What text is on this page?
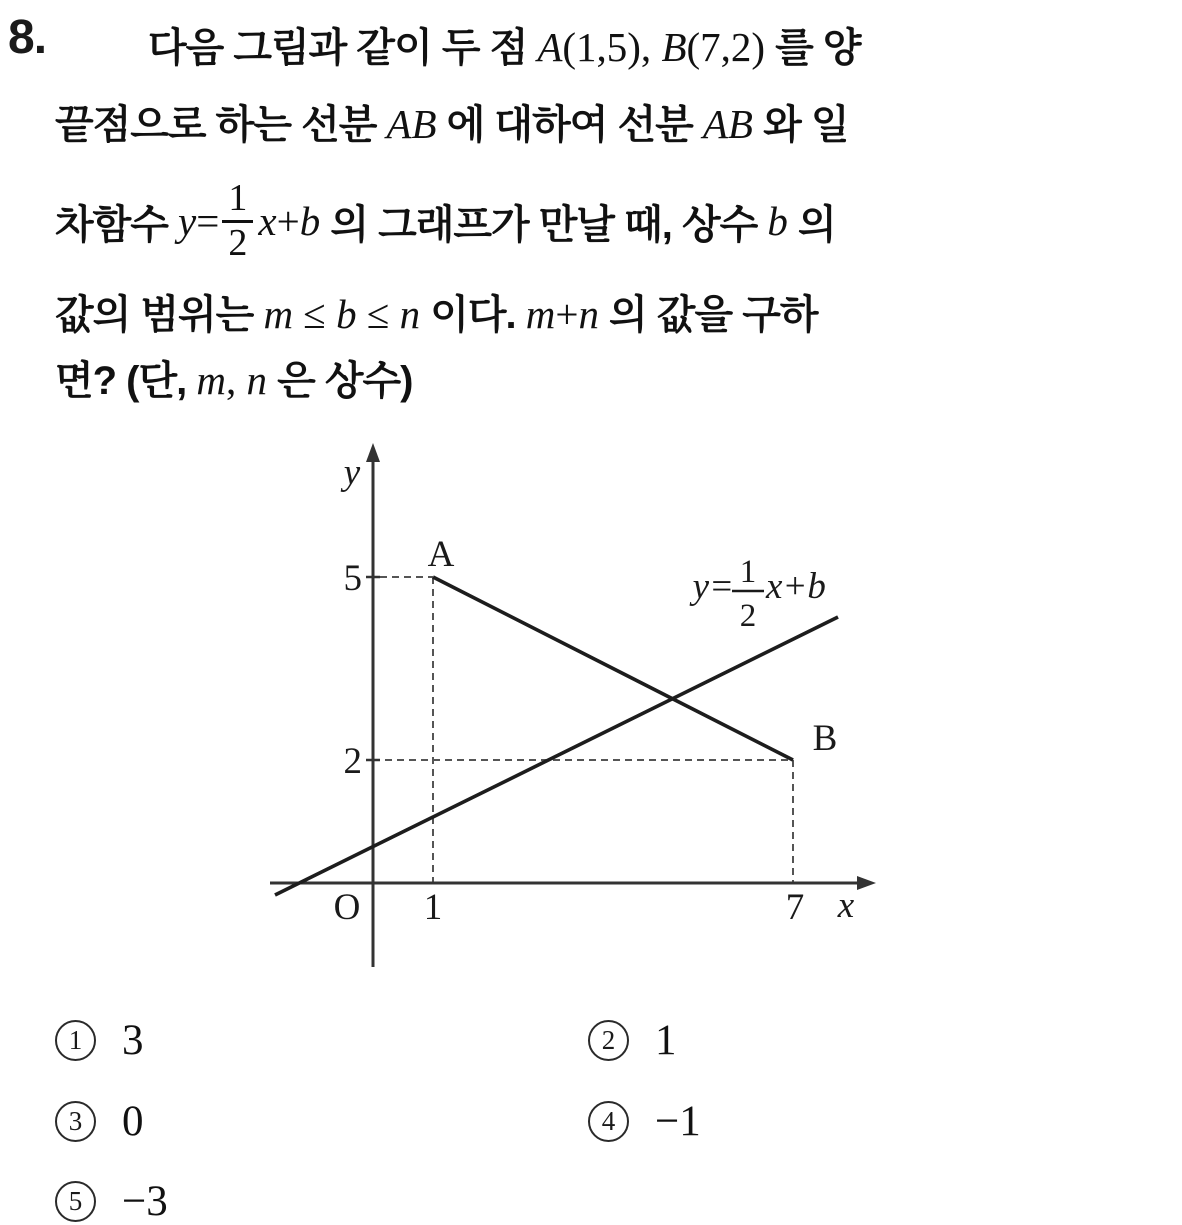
8.	다음 그림과 같이 두 점 A (1,5), B (7,2) 를 양
끝점으로 하는 선분 AB 에 대하여 선분 AB 와 일
차함수 $y = \frac{1}{2}$ x + b 의 그래프가 만날 때, 상수 b 의
값의 범위는 m ≤ b ≤ n 이다. m + n 의 값을 구하
면? (단, m , n 은 상수)
y
x
O
5
2
1	7
A
B
y= 1
2
x+b
1 3	2 1
3 0	4 −1
5 −3
